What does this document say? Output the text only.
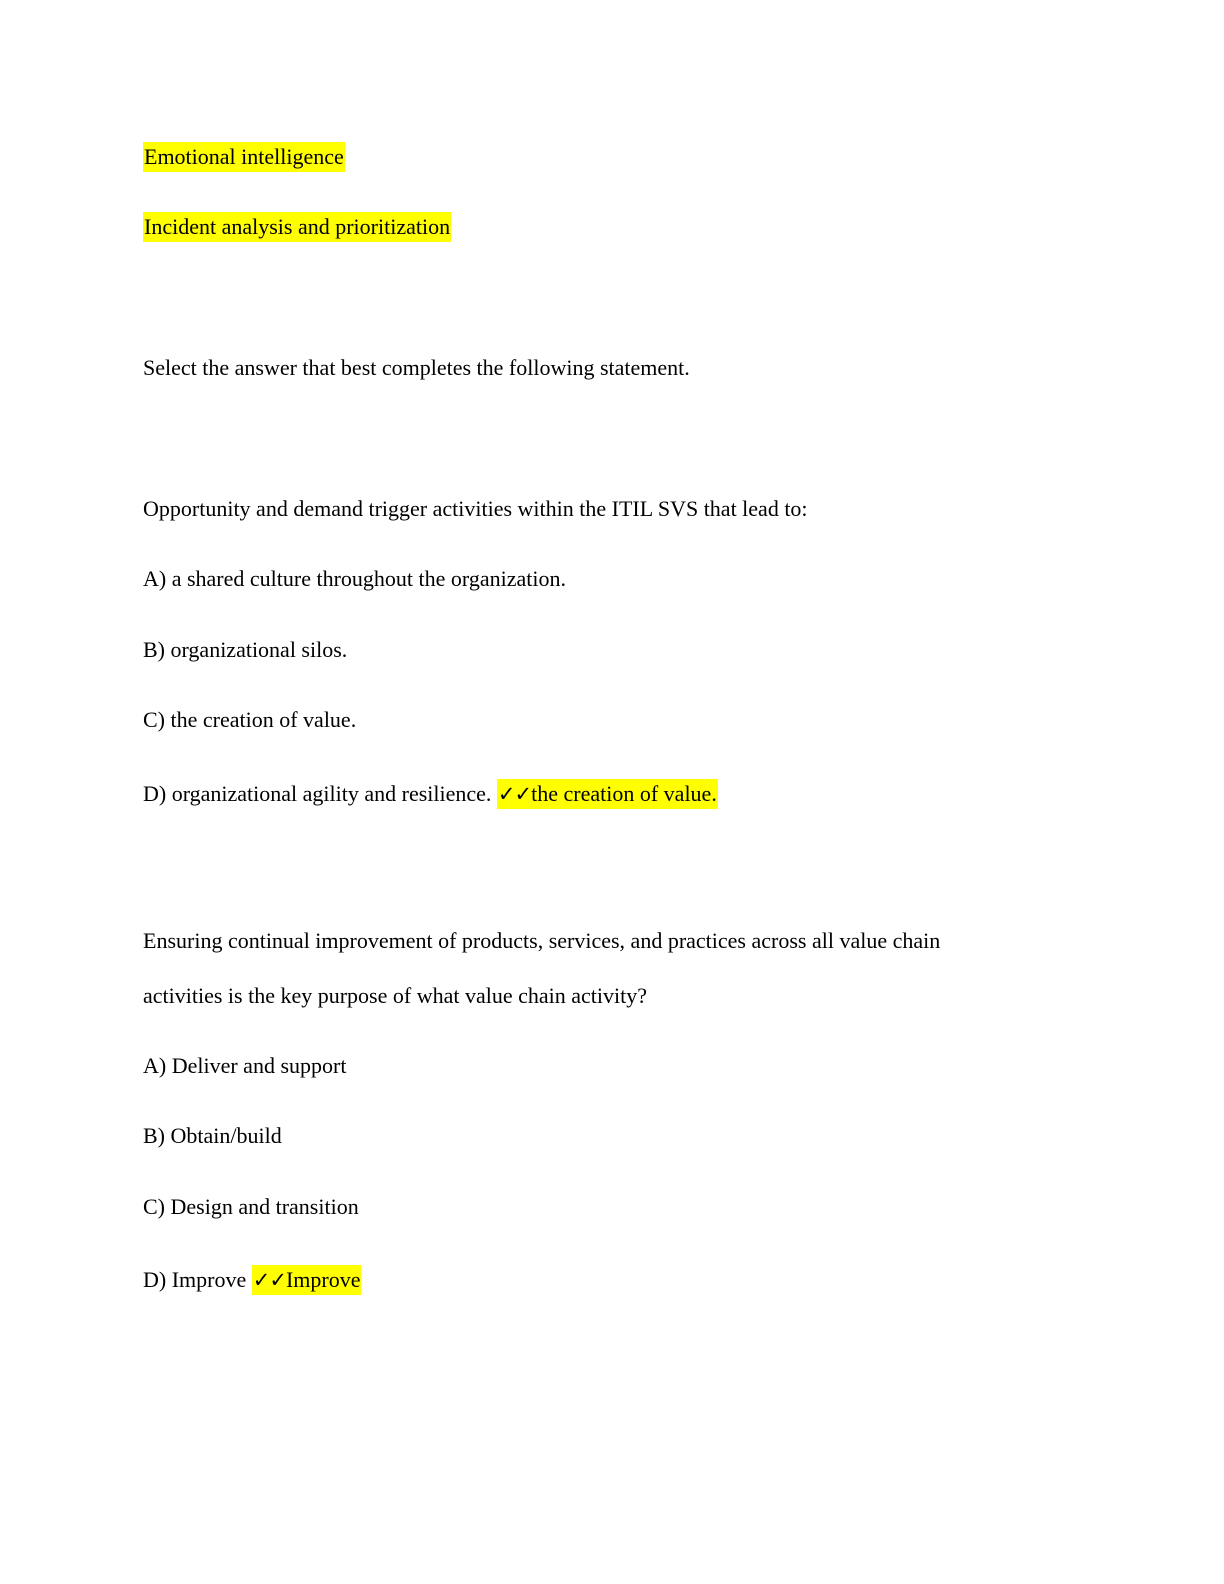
Emotional intelligence
Incident analysis and prioritization
Select the answer that best completes the following statement.
Opportunity and demand trigger activities within the ITIL SVS that lead to:
A) a shared culture throughout the organization.
B) organizational silos.
C) the creation of value.
D) organizational agility and resilience. ✓✓the creation of value.
Ensuring continual improvement of products, services, and practices across all value chain
activities is the key purpose of what value chain activity?
A) Deliver and support
B) Obtain/build
C) Design and transition
D) Improve ✓✓Improve
